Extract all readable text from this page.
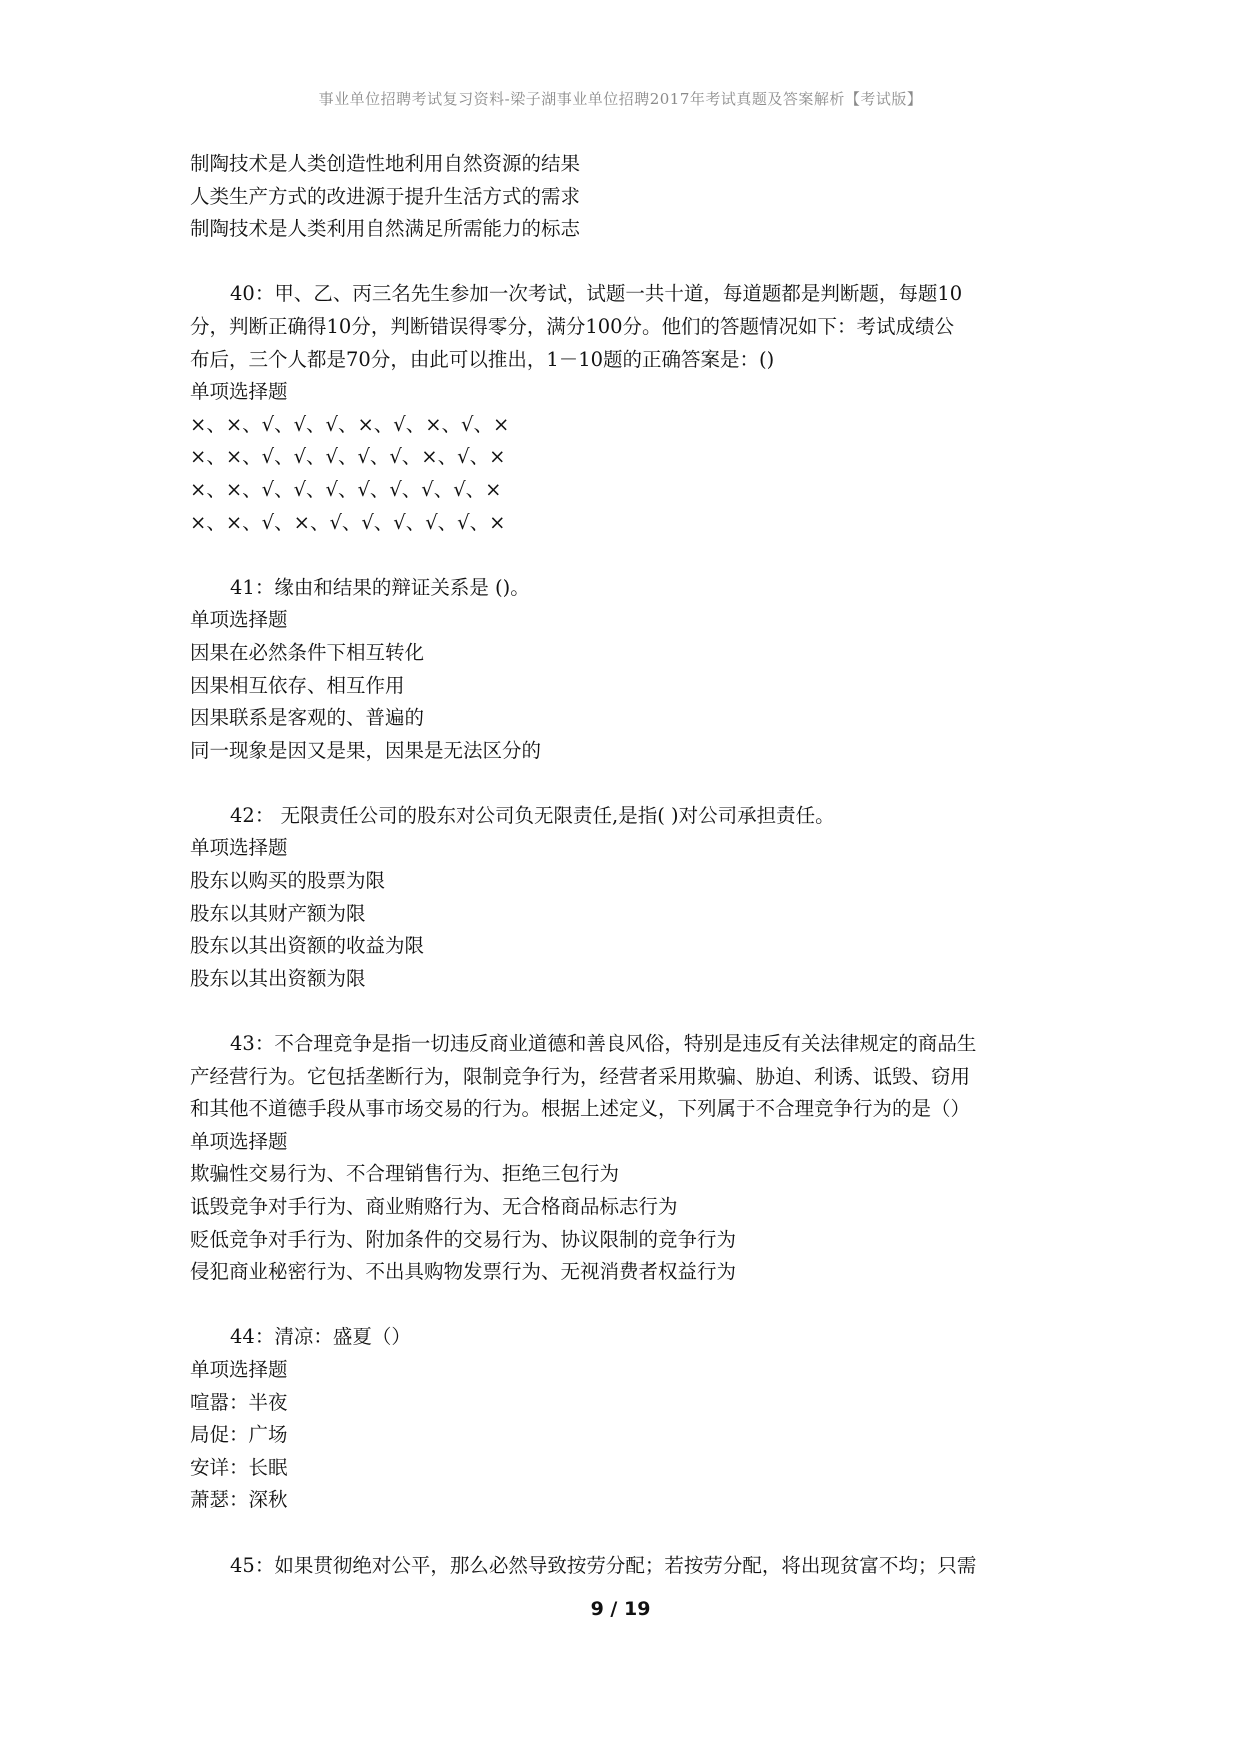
事业单位招聘考试复习资料-梁子湖事业单位招聘2017年考试真题及答案解析【考试版】
制陶技术是人类创造性地利用自然资源的结果
人类生产方式的改进源于提升生活方式的需求
制陶技术是人类利用自然满足所需能力的标志
40：甲、乙、丙三名先生参加一次考试，试题一共十道，每道题都是判断题，每题10
分，判断正确得10分，判断错误得零分，满分100分。他们的答题情况如下：考试成绩公
布后，三个人都是70分，由此可以推出，1－10题的正确答案是：()
单项选择题
×、×、√、√、√、×、√、×、√、×
×、×、√、√、√、√、√、×、√、×
×、×、√、√、√、√、√、√、√、×
×、×、√、×、√、√、√、√、√、×
41：缘由和结果的辩证关系是 ()。
单项选择题
因果在必然条件下相互转化
因果相互依存、相互作用
因果联系是客观的、普遍的
同一现象是因又是果，因果是无法区分的
42： 无限责任公司的股东对公司负无限责任,是指( )对公司承担责任。
单项选择题
股东以购买的股票为限
股东以其财产额为限
股东以其出资额的收益为限
股东以其出资额为限
43：不合理竞争是指一切违反商业道德和善良风俗，特别是违反有关法律规定的商品生
产经营行为。它包括垄断行为，限制竞争行为，经营者采用欺骗、胁迫、利诱、诋毁、窃用
和其他不道德手段从事市场交易的行为。根据上述定义，下列属于不合理竞争行为的是（）
单项选择题
欺骗性交易行为、不合理销售行为、拒绝三包行为
诋毁竞争对手行为、商业贿赂行为、无合格商品标志行为
贬低竞争对手行为、附加条件的交易行为、协议限制的竞争行为
侵犯商业秘密行为、不出具购物发票行为、无视消费者权益行为
44：清凉：盛夏（）
单项选择题
喧嚣：半夜
局促：广场
安详：长眠
萧瑟：深秋
45：如果贯彻绝对公平，那么必然导致按劳分配；若按劳分配，将出现贫富不均；只需
9 / 19
